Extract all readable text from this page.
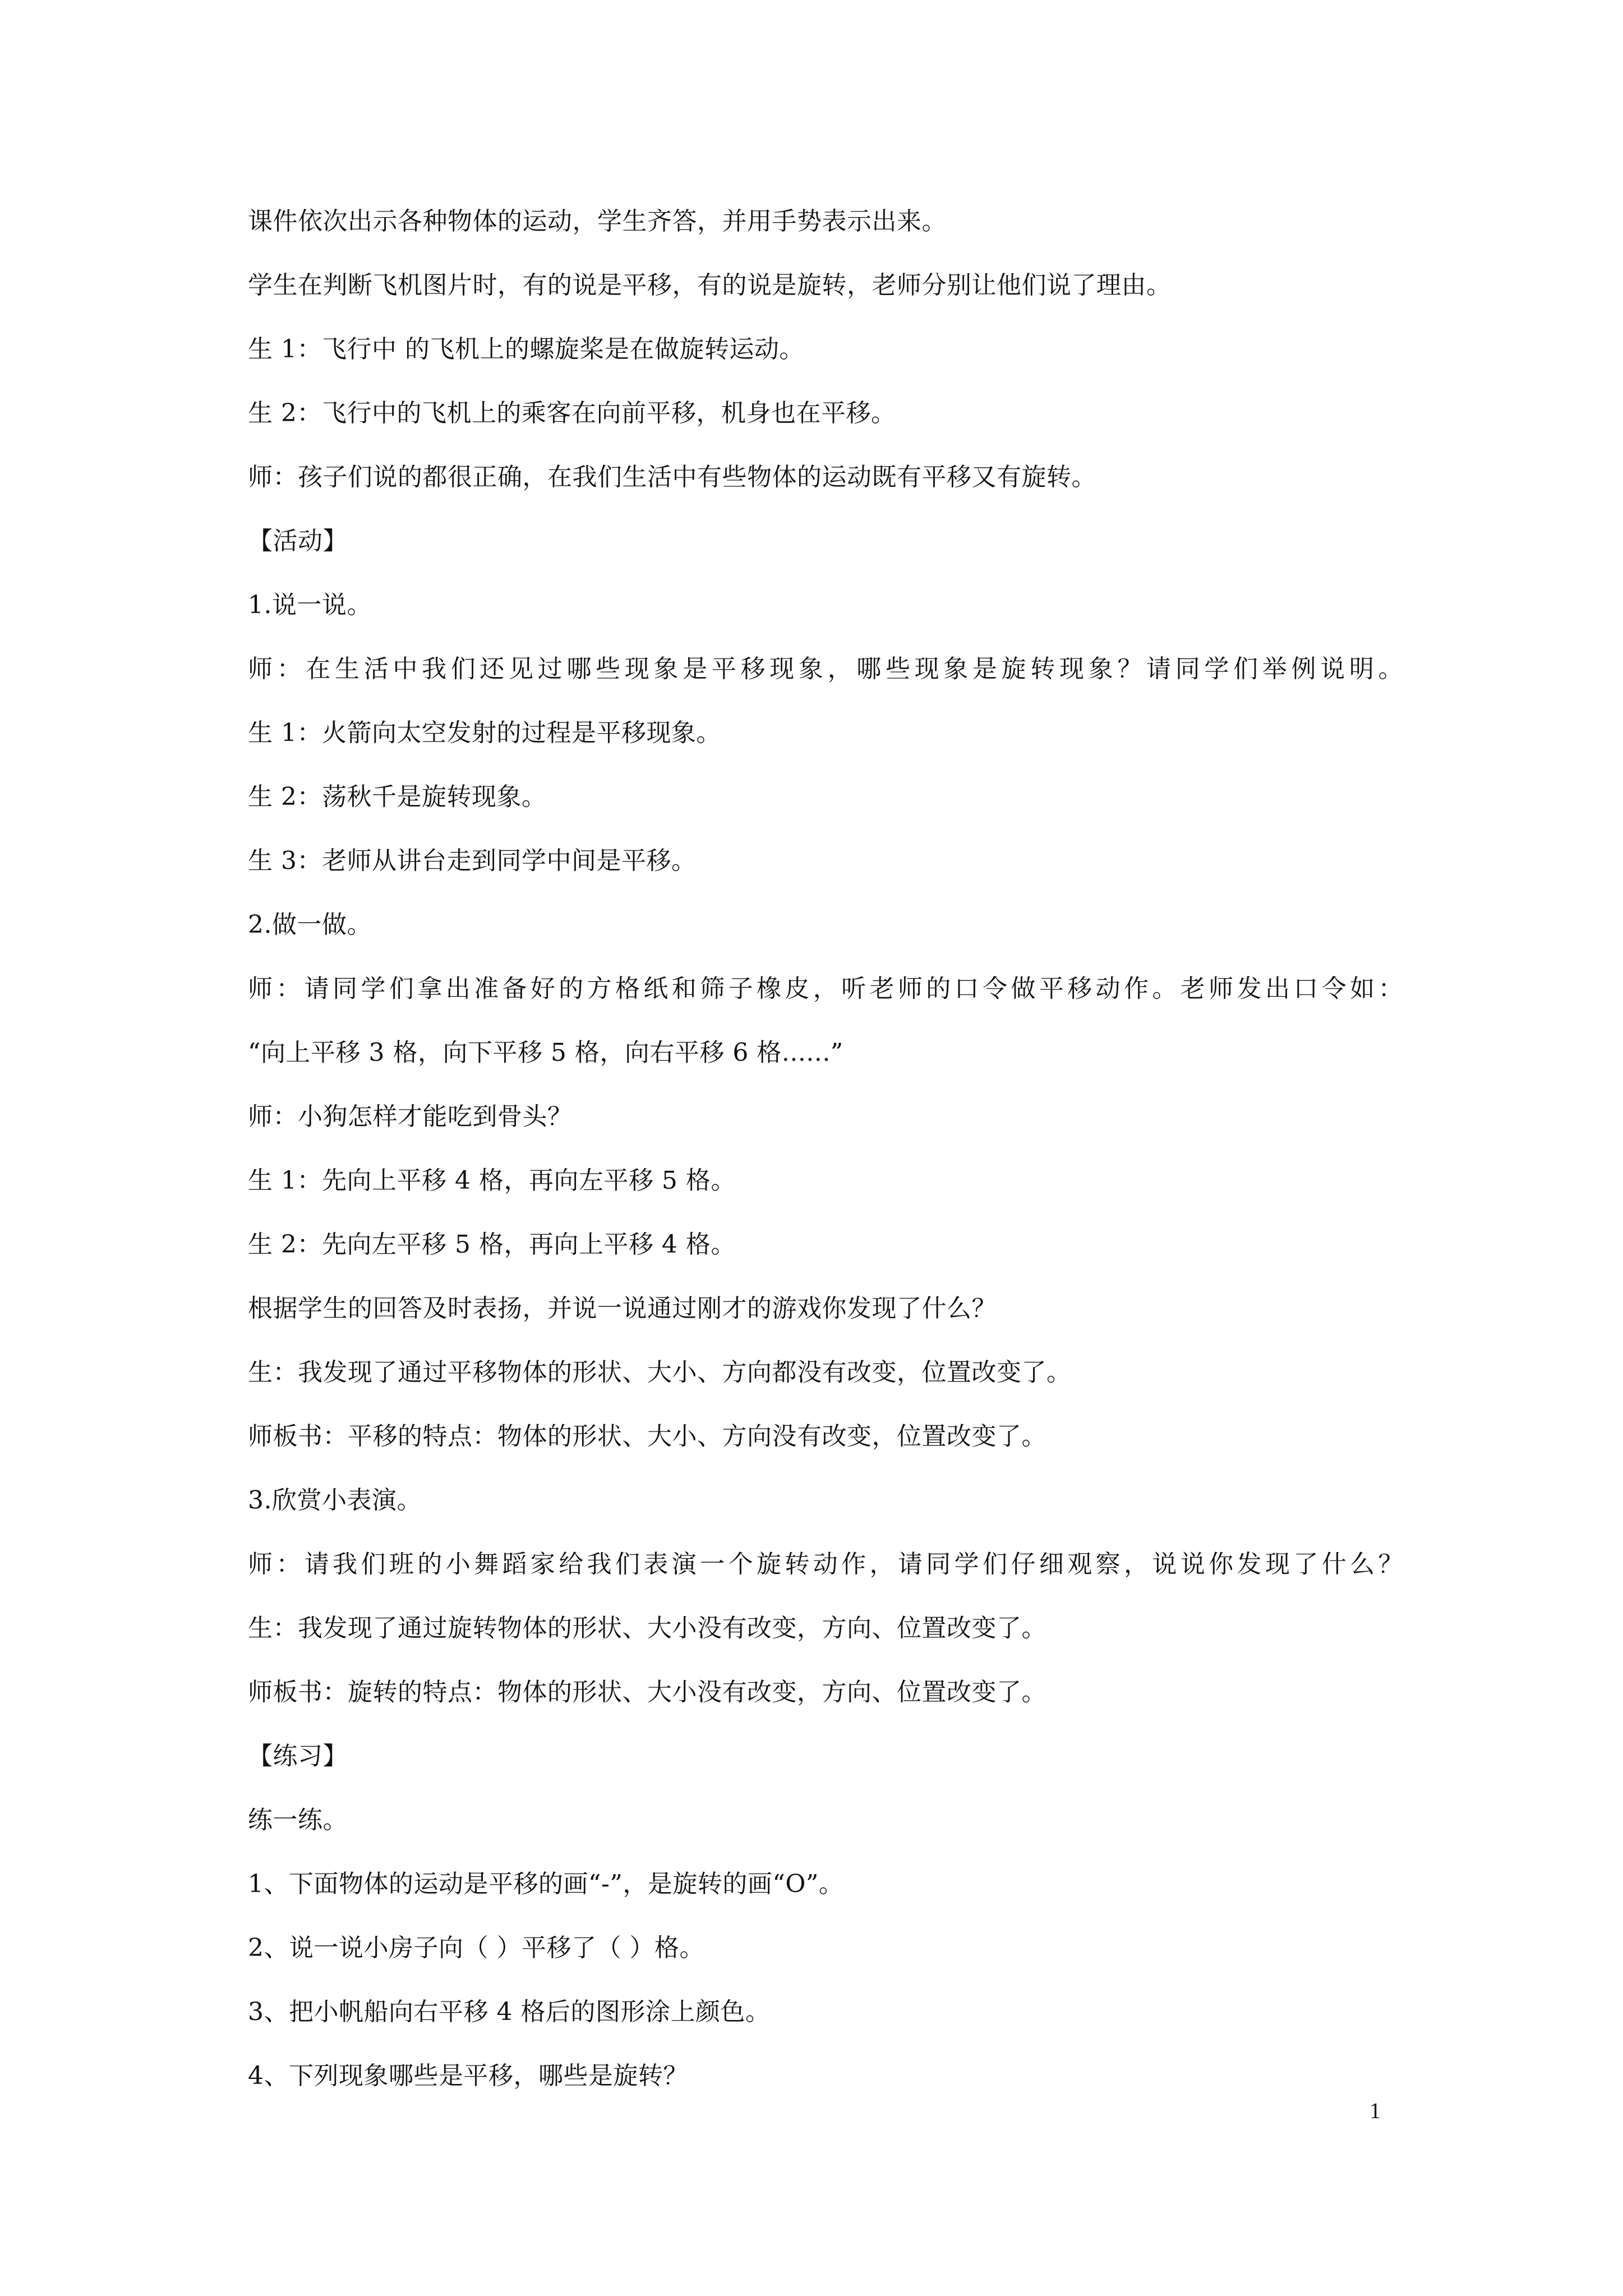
课件依次出示各种物体的运动，学生齐答，并用手势表示出来。
学生在判断飞机图片时，有的说是平移，有的说是旋转，老师分别让他们说了理由。
生 1：飞行中 的飞机上的螺旋桨是在做旋转运动。
生 2：飞行中的飞机上的乘客在向前平移，机身也在平移。
师：孩子们说的都很正确，在我们生活中有些物体的运动既有平移又有旋转。
【活动】
1.说一说。
师：在生活中我们还见过哪些现象是平移现象，哪些现象是旋转现象？请同学们举例说明。
生 1：火箭向太空发射的过程是平移现象。
生 2：荡秋千是旋转现象。
生 3：老师从讲台走到同学中间是平移。
2.做一做。
师：请同学们拿出准备好的方格纸和筛子橡皮，听老师的口令做平移动作。老师发出口令如：
“向上平移 3 格，向下平移 5 格，向右平移 6 格......”
师：小狗怎样才能吃到骨头？
生 1：先向上平移 4 格，再向左平移 5 格。
生 2：先向左平移 5 格，再向上平移 4 格。
根据学生的回答及时表扬，并说一说通过刚才的游戏你发现了什么？
生：我发现了通过平移物体的形状、大小、方向都没有改变，位置改变了。
师板书：平移的特点：物体的形状、大小、方向没有改变，位置改变了。
3.欣赏小表演。
师：请我们班的小舞蹈家给我们表演一个旋转动作，请同学们仔细观察，说说你发现了什么？
生：我发现了通过旋转物体的形状、大小没有改变，方向、位置改变了。
师板书：旋转的特点：物体的形状、大小没有改变，方向、位置改变了。
【练习】
练一练。
1、下面物体的运动是平移的画“-”，是旋转的画“O”。
2、说一说小房子向（ ）平移了（ ）格。
3、把小帆船向右平移 4 格后的图形涂上颜色。
4、下列现象哪些是平移，哪些是旋转？
1
